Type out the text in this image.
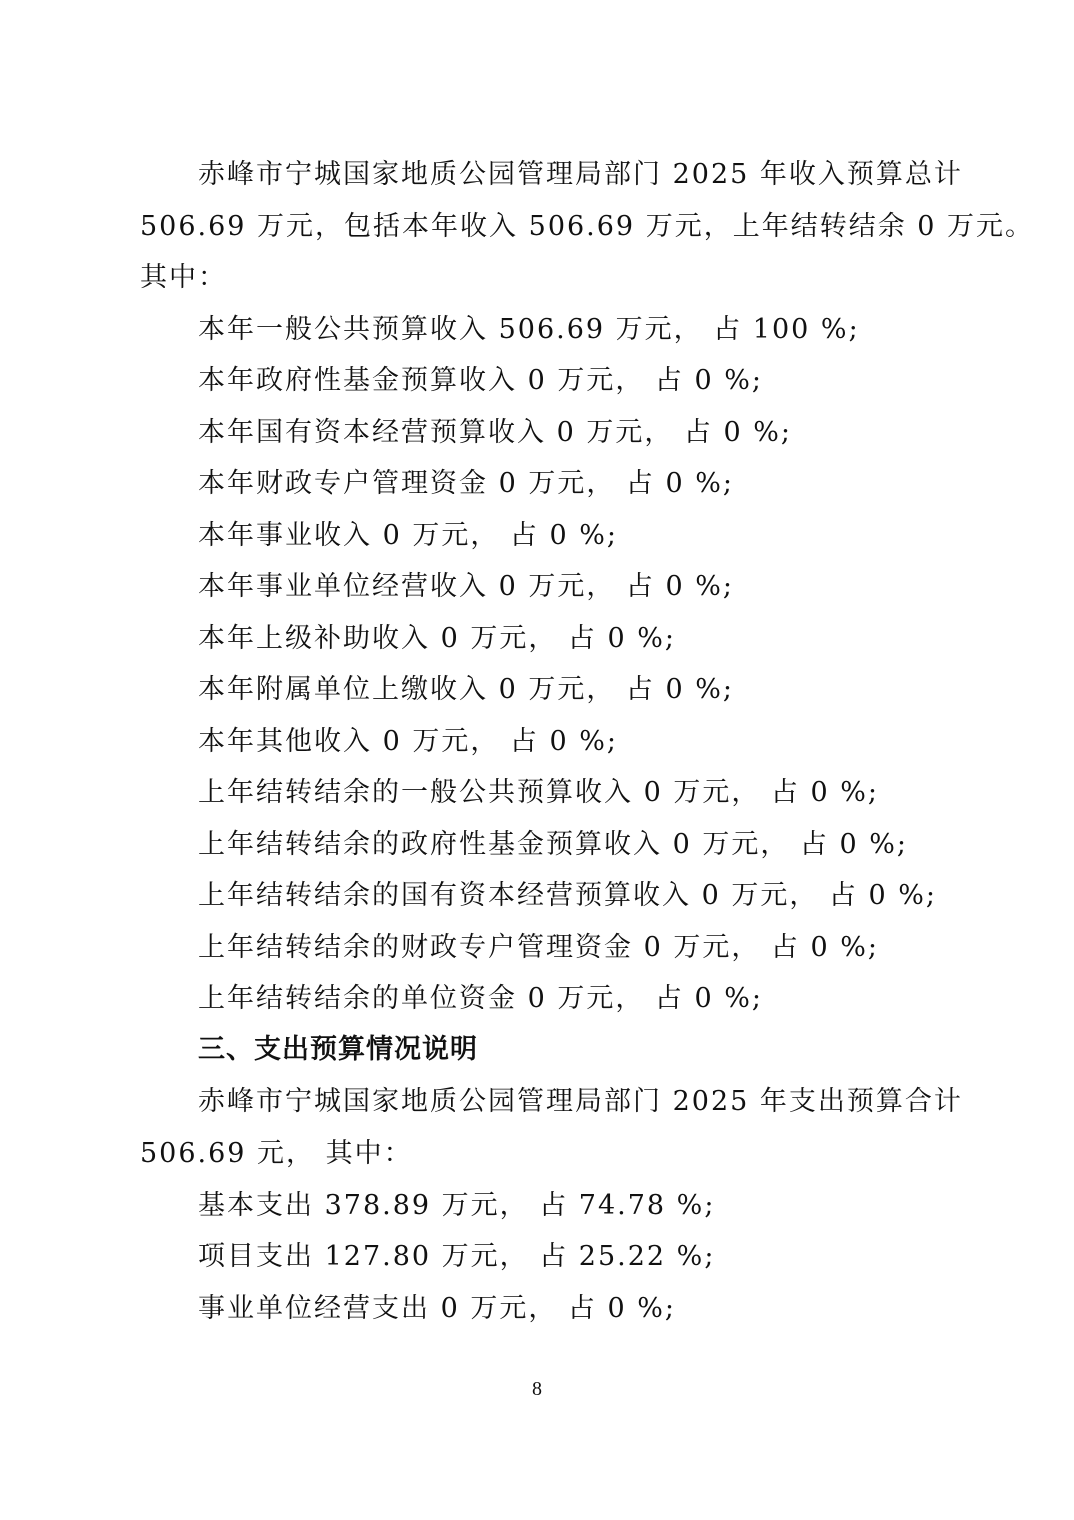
赤峰市宁城国家地质公园管理局部门 2025 年收入预算总计
506.69 万元，包括本年收入 506.69 万元，上年结转结余 0 万元。
其中：
本年一般公共预算收入 506.69 万元， 占 100 %;
本年政府性基金预算收入 0 万元， 占 0 %;
本年国有资本经营预算收入 0 万元， 占 0 %;
本年财政专户管理资金 0 万元， 占 0 %;
本年事业收入 0 万元， 占 0 %;
本年事业单位经营收入 0 万元， 占 0 %;
本年上级补助收入 0 万元， 占 0 %;
本年附属单位上缴收入 0 万元， 占 0 %;
本年其他收入 0 万元， 占 0 %;
上年结转结余的一般公共预算收入 0 万元， 占 0 %;
上年结转结余的政府性基金预算收入 0 万元， 占 0 %;
上年结转结余的国有资本经营预算收入 0 万元， 占 0 %;
上年结转结余的财政专户管理资金 0 万元， 占 0 %;
上年结转结余的单位资金 0 万元， 占 0 %;
三、支出预算情况说明
赤峰市宁城国家地质公园管理局部门 2025 年支出预算合计
506.69 元， 其中：
基本支出 378.89 万元， 占 74.78 %;
项目支出 127.80 万元， 占 25.22 %;
事业单位经营支出 0 万元， 占 0 %;
8
